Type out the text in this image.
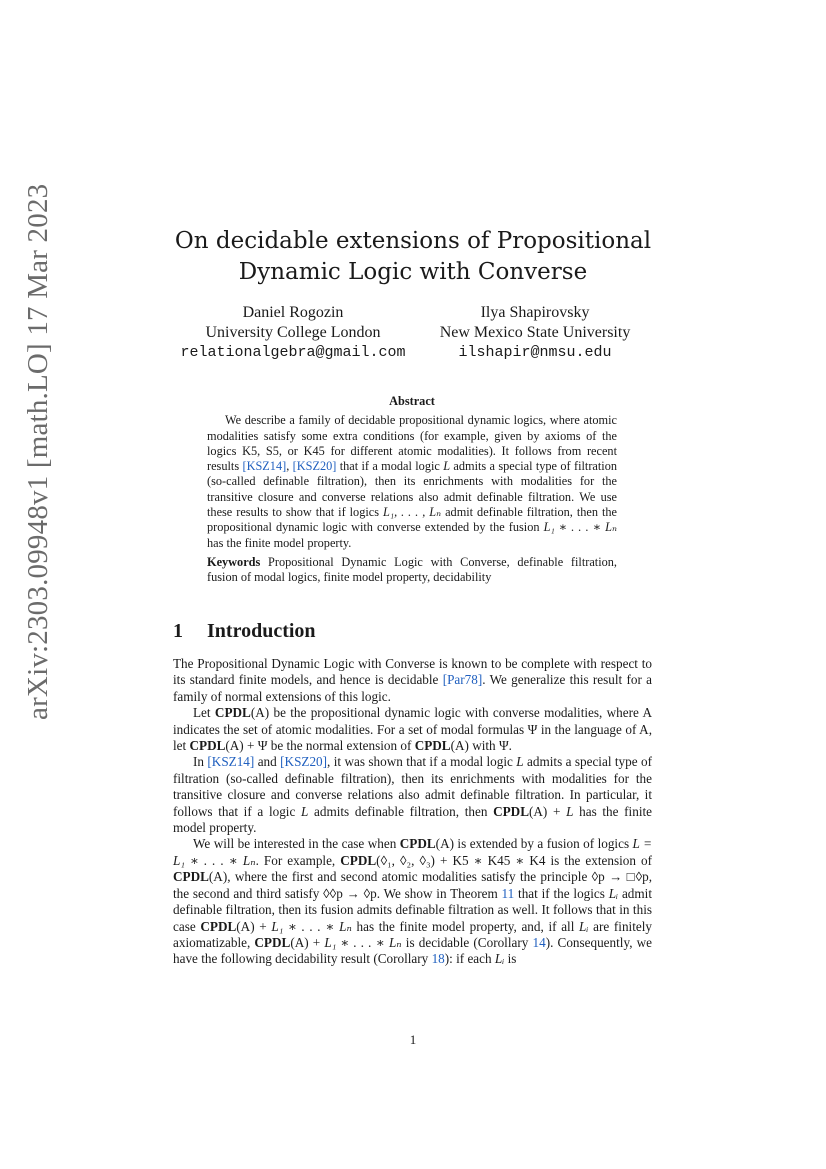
arXiv:2303.09948v1 [math.LO] 17 Mar 2023	On decidable extensions of Propositional
Dynamic Logic with Converse
Daniel Rogozin
University College London
relationalgebra@gmail.com
Ilya Shapirovsky
New Mexico State University
ilshapir@nmsu.edu
Abstract

We describe a family of decidable propositional dynamic logics, where atomic modalities satisfy some extra conditions (for example, given by axioms of the logics K5, S5, or K45 for different atomic modalities). It follows from recent results [KSZ14], [KSZ20] that if a modal logic L admits a special type of filtration (so-called definable filtration), then its enrichments with modalities for the transitive closure and converse relations also admit definable filtration. We use these results to show that if logics L₁, . . . , Lₙ admit definable filtration, then the propositional dynamic logic with converse extended by the fusion L₁ ∗ . . . ∗ Lₙ has the finite model property.

Keywords Propositional Dynamic Logic with Converse, definable filtration, fusion of modal logics, finite model property, decidability

1 Introduction

The Propositional Dynamic Logic with Converse is known to be complete with respect to its standard finite models, and hence is decidable [Par78]. We generalize this result for a family of normal extensions of this logic.

Let CPDL(A) be the propositional dynamic logic with converse modalities, where A indicates the set of atomic modalities. For a set of modal formulas Ψ in the language of A, let CPDL(A) + Ψ be the normal extension of CPDL(A) with Ψ.

In [KSZ14] and [KSZ20], it was shown that if a modal logic L admits a special type of filtration (so-called definable filtration), then its enrichments with modalities for the transitive closure and converse relations also admit definable filtration. In particular, it follows that if a logic L admits definable filtration, then CPDL(A) + L has the finite model property.

We will be interested in the case when CPDL(A) is extended by a fusion of logics L = L₁ ∗ . . . ∗ Lₙ. For example, CPDL(◊₁, ◊₂, ◊₃) + K5 ∗ K45 ∗ K4 is the extension of CPDL(A), where the first and second atomic modalities satisfy the principle ◊p → □◊p, the second and third satisfy ◊◊p → ◊p. We show in Theorem 11 that if the logics Lᵢ admit definable filtration, then its fusion admits definable filtration as well. It follows that in this case CPDL(A) + L₁ ∗ . . . ∗ Lₙ has the finite model property, and, if all Lᵢ are finitely axiomatizable, CPDL(A) + L₁ ∗ . . . ∗ Lₙ is decidable (Corollary 14). Consequently, we have the following decidability result (Corollary 18): if each Lᵢ is

1
